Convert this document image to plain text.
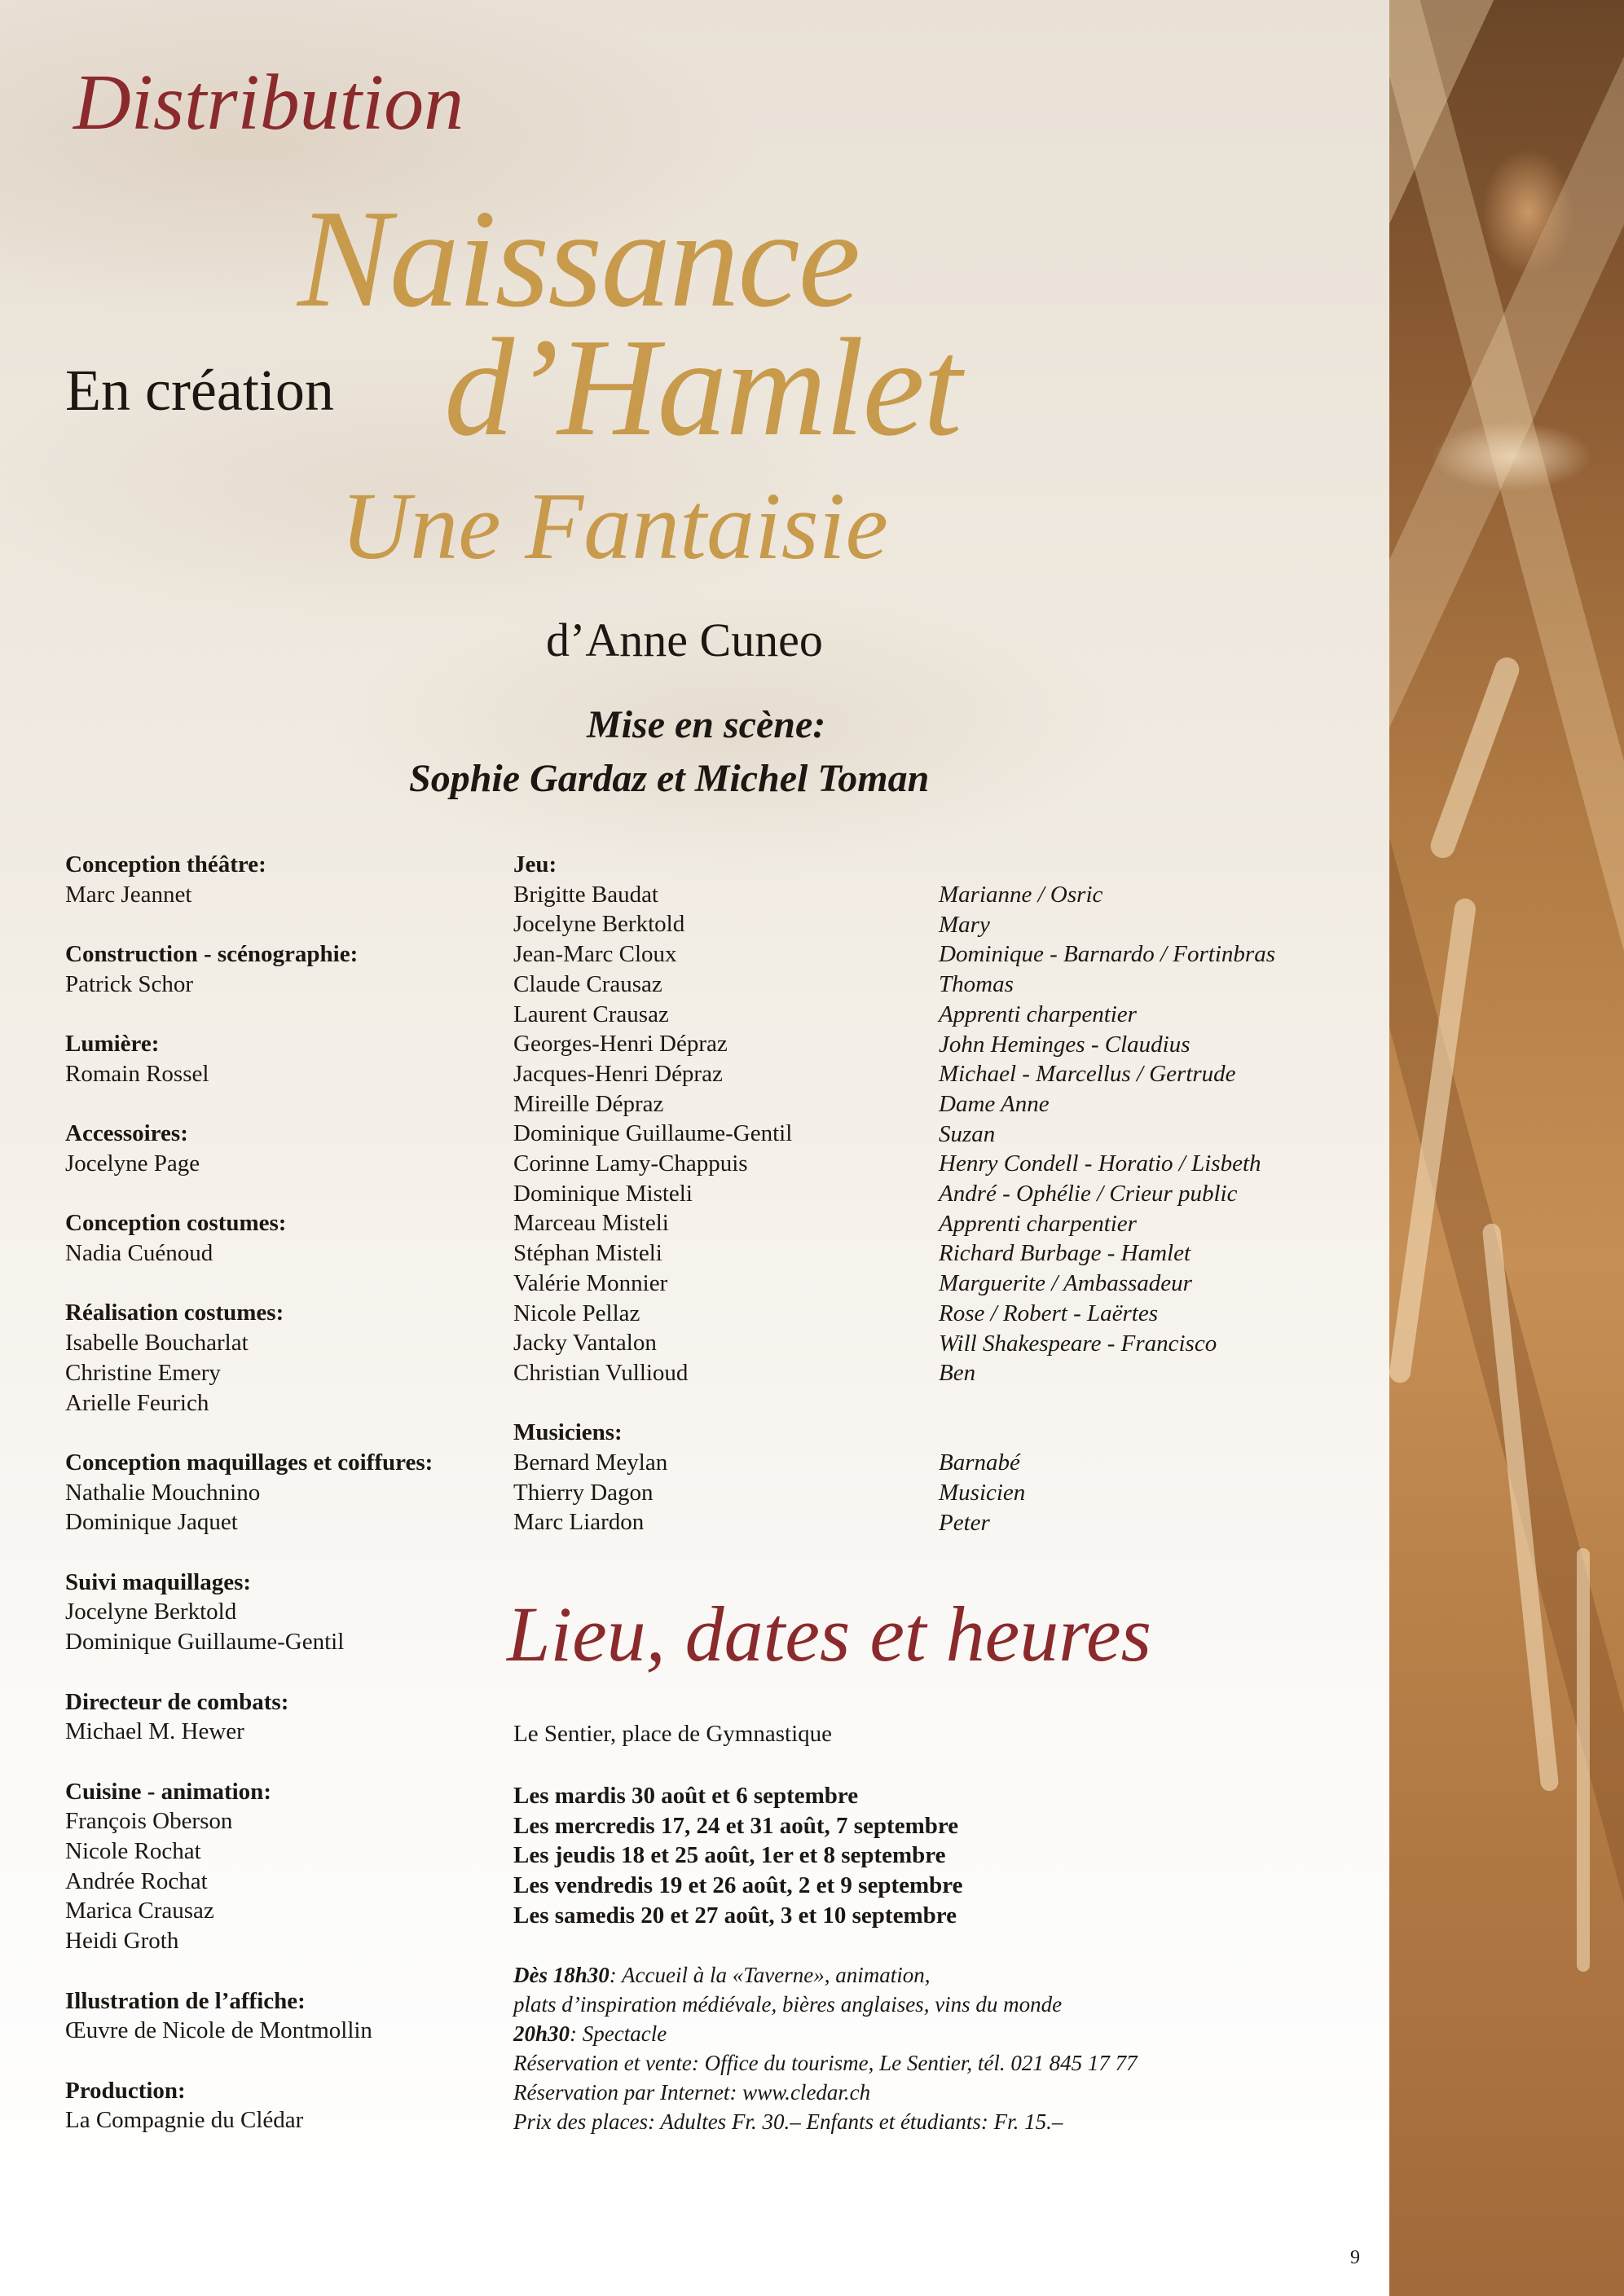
Distribution
Naissance
En création d’Hamlet
Une Fantaisie
d’Anne Cuneo
Mise en scène:
Sophie Gardaz et Michel Toman
Conception théâtre:
Marc Jeannet
Construction - scénographie:
Patrick Schor
Lumière:
Romain Rossel
Accessoires:
Jocelyne Page
Conception costumes:
Nadia Cuénoud
Réalisation costumes:
Isabelle Boucharlat
Christine Emery
Arielle Feurich
Conception maquillages et coiffures:
Nathalie Mouchnino
Dominique Jaquet
Suivi maquillages:
Jocelyne Berktold
Dominique Guillaume-Gentil
Directeur de combats:
Michael M. Hewer
Cuisine - animation:
François Oberson
Nicole Rochat
Andrée Rochat
Marica Crausaz
Heidi Groth
Illustration de l’affiche:
Œuvre de Nicole de Montmollin
Production:
La Compagnie du Clédar
Jeu:
Brigitte Baudat
Jocelyne Berktold
Jean-Marc Cloux
Claude Crausaz
Laurent Crausaz
Georges-Henri Dépraz
Jacques-Henri Dépraz
Mireille Dépraz
Dominique Guillaume-Gentil
Corinne Lamy-Chappuis
Dominique Misteli
Marceau Misteli
Stéphan Misteli
Valérie Monnier
Nicole Pellaz
Jacky Vantalon
Christian Vullioud
Musiciens:
Bernard Meylan
Thierry Dagon
Marc Liardon
Marianne / Osric
Mary
Dominique - Barnardo / Fortinbras
Thomas
Apprenti charpentier
John Heminges - Claudius
Michael - Marcellus / Gertrude
Dame Anne
Suzan
Henry Condell - Horatio / Lisbeth
André - Ophélie / Crieur public
Apprenti charpentier
Richard Burbage - Hamlet
Marguerite / Ambassadeur
Rose / Robert - Laërtes
Will Shakespeare - Francisco
Ben
Barnabé
Musicien
Peter
Lieu, dates et heures
Le Sentier, place de Gymnastique
Les mardis 30 août et 6 septembre
Les mercredis 17, 24 et 31 août, 7 septembre
Les jeudis 18 et 25 août, 1er et 8 septembre
Les vendredis 19 et 26 août, 2 et 9 septembre
Les samedis 20 et 27 août, 3 et 10 septembre
Dès 18h30: Accueil à la «Taverne», animation,
plats d’inspiration médiévale, bières anglaises, vins du monde
20h30: Spectacle
Réservation et vente: Office du tourisme, Le Sentier, tél. 021 845 17 77
Réservation par Internet: www.cledar.ch
Prix des places: Adultes Fr. 30.– Enfants et étudiants: Fr. 15.–
9
